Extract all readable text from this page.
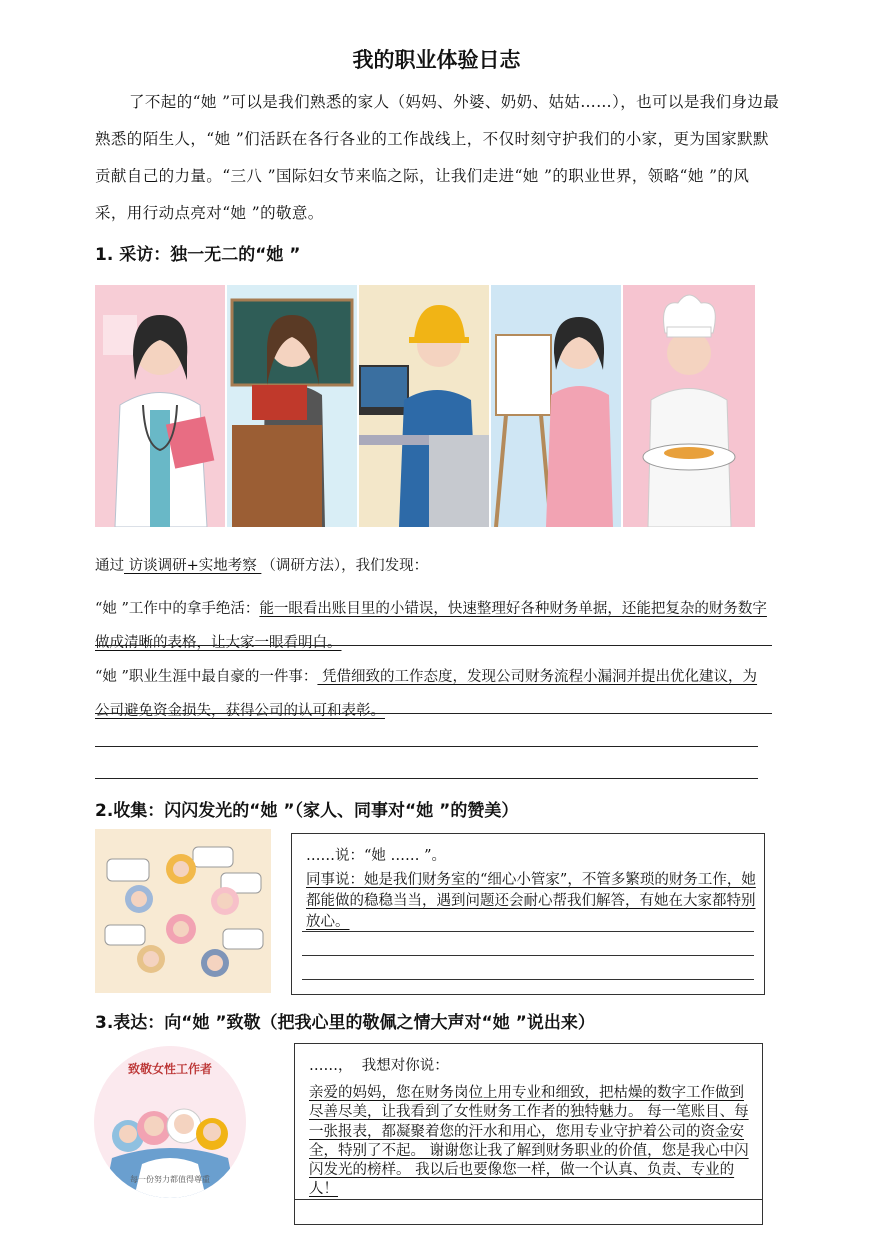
我的职业体验日志
了不起的“她 ”可以是我们熟悉的家人（妈妈、外婆、奶奶、姑姑……），也可以是我们身边最熟悉的陌生人，“她 ”们活跃在各行各业的工作战线上，不仅时刻守护我们的小家，更为国家默默贡献自己的力量。“三八 ”国际妇女节来临之际，让我们走进“她 ”的职业世界，领略“她 ”的风采，用行动点亮对“她 ”的敬意。
1. 采访：独一无二的“她 ”
通过 访谈调研+实地考察 （调研方法），我们发现：
“她 ”工作中的拿手绝活：能一眼看出账目里的小错误，快速整理好各种财务单据，还能把复杂的财务数字做成清晰的表格，让大家一眼看明白。
“她 ”职业生涯中最自豪的一件事： 凭借细致的工作态度，发现公司财务流程小漏洞并提出优化建议，为公司避免资金损失，获得公司的认可和表彰。
2.收集：闪闪发光的“她 ”（家人、同事对“她 ”的赞美）
……说：“她 …… ”。
同事说：她是我们财务室的“细心小管家”，不管多繁琐的财务工作，她都能做的稳稳当当，遇到问题还会耐心帮我们解答，有她在大家都特别放心。
3.表达：向“她 ”致敬（把我心里的敬佩之情大声对“她 ”说出来）
致敬女性工作者
每一份努力都值得尊重
……，  我想对你说：
亲爱的妈妈，您在财务岗位上用专业和细致，把枯燥的数字工作做到尽善尽美，让我看到了女性财务工作者的独特魅力。 每一笔账目、每一张报表，都凝聚着您的汗水和用心，您用专业守护着公司的资金安全，特别了不起。 谢谢您让我了解到财务职业的价值，您是我心中闪闪发光的榜样。 我以后也要像您一样，做一个认真、负责、专业的人！
